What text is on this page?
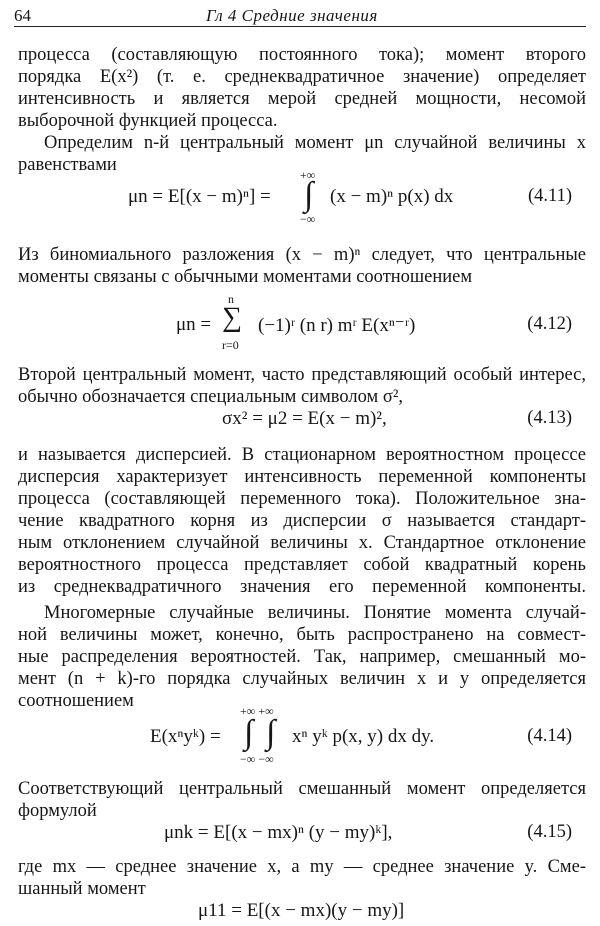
64	Гл 4 Средние значения
процесса (составляющую постоянного тока); момент второго
порядка E(x²) (т. е. среднеквадратичное значение) определяет
интенсивность и является мерой средней мощности, несомой
выборочной функцией процесса.
Определим n-й центральный момент μn случайной величины x
равенствами
μn = E[(x − m)ⁿ] =
+∞
∫
−∞
(x − m)ⁿ p(x) dx	(4.11)
Из биномиального разложения (x − m)ⁿ следует, что центральные
моменты связаны с обычными моментами соотношением
μn =
n
∑
r=0
(−1)ʳ (n r) mʳ E(xⁿ⁻ʳ)	(4.12)
Второй центральный момент, часто представляющий особый интерес,
обычно обозначается специальным символом σ²,
σx² = μ2 = E(x − m)²,	(4.13)
и называется дисперсией. В стационарном вероятностном процессе
дисперсия характеризует интенсивность переменной компоненты
процесса (составляющей переменного тока). Положительное зна-
чение квадратного корня из дисперсии σ называется стандарт-
ным отклонением случайной величины x. Стандартное отклонение
вероятностного процесса представляет собой квадратный корень
из среднеквадратичного значения его переменной компоненты.
Многомерные случайные величины. Понятие момента случай-
ной величины может, конечно, быть распространено на совмест-
ные распределения вероятностей. Так, например, смешанный мо-
мент (n + k)-го порядка случайных величин x и y определяется
соотношением
E(xⁿyᵏ) =
+∞ +∞
∫ ∫
−∞ −∞
xⁿ yᵏ p(x, y) dx dy.	(4.14)
Соответствующий центральный смешанный момент определяется
формулой
μnk = E[(x − mx)ⁿ (y − my)ᵏ],	(4.15)
где mx — среднее значение x, а my — среднее значение y. Сме-
шанный момент
μ11 = E[(x − mx)(y − my)]
